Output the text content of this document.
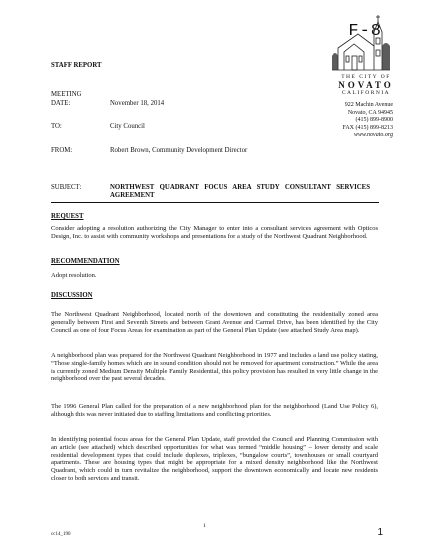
F-8
THE CITY OF
NOVATO
CALIFORNIA
922 Machin Avenue
Novato, CA 94945
(415) 899-8900
FAX (415) 899-8213
www.novato.org
STAFF REPORT
MEETING
DATE:	November 18, 2014
TO:	City Council
FROM:	Robert Brown, Community Development Director
SUBJECT:	NORTHWEST QUADRANT FOCUS AREA STUDY CONSULTANT SERVICES AGREEMENT
REQUEST
Consider adopting a resolution authorizing the City Manager to enter into a consultant services agreement with Opticos Design, Inc. to assist with community workshops and presentations for a study of the Northwest Quadrant Neighborhood.
RECOMMENDATION
Adopt resolution.
DISCUSSION
The Northwest Quadrant Neighborhood, located north of the downtown and constituting the residentially zoned area generally between First and Seventh Streets and between Grant Avenue and Carmel Drive, has been identified by the City Council as one of four Focus Areas for examination as part of the General Plan Update (see attached Study Area map).
A neighborhood plan was prepared for the Northwest Quadrant Neighborhood in 1977 and includes a land use policy stating, “Those single-family homes which are in sound condition should not be removed for apartment construction.” While the area is currently zoned Medium Density Multiple Family Residential, this policy provision has resulted in very little change in the neighborhood over the past several decades.
The 1996 General Plan called for the preparation of a new neighborhood plan for the neighborhood (Land Use Policy 6), although this was never initiated due to staffing limitations and conflicting priorities.
In identifying potential focus areas for the General Plan Update, staff provided the Council and Planning Commission with an article (see attached) which described opportunities for what was termed “middle housing” – lower density and scale residential development types that could include duplexes, triplexes, “bungalow courts”, townhouses or small courtyard apartments. These are housing types that might be appropriate for a mixed density neighborhood like the Northwest Quadrant, which could in turn revitalize the neighborhood, support the downtown economically and locate new residents closer to both services and transit.
1
cc14_190	1
